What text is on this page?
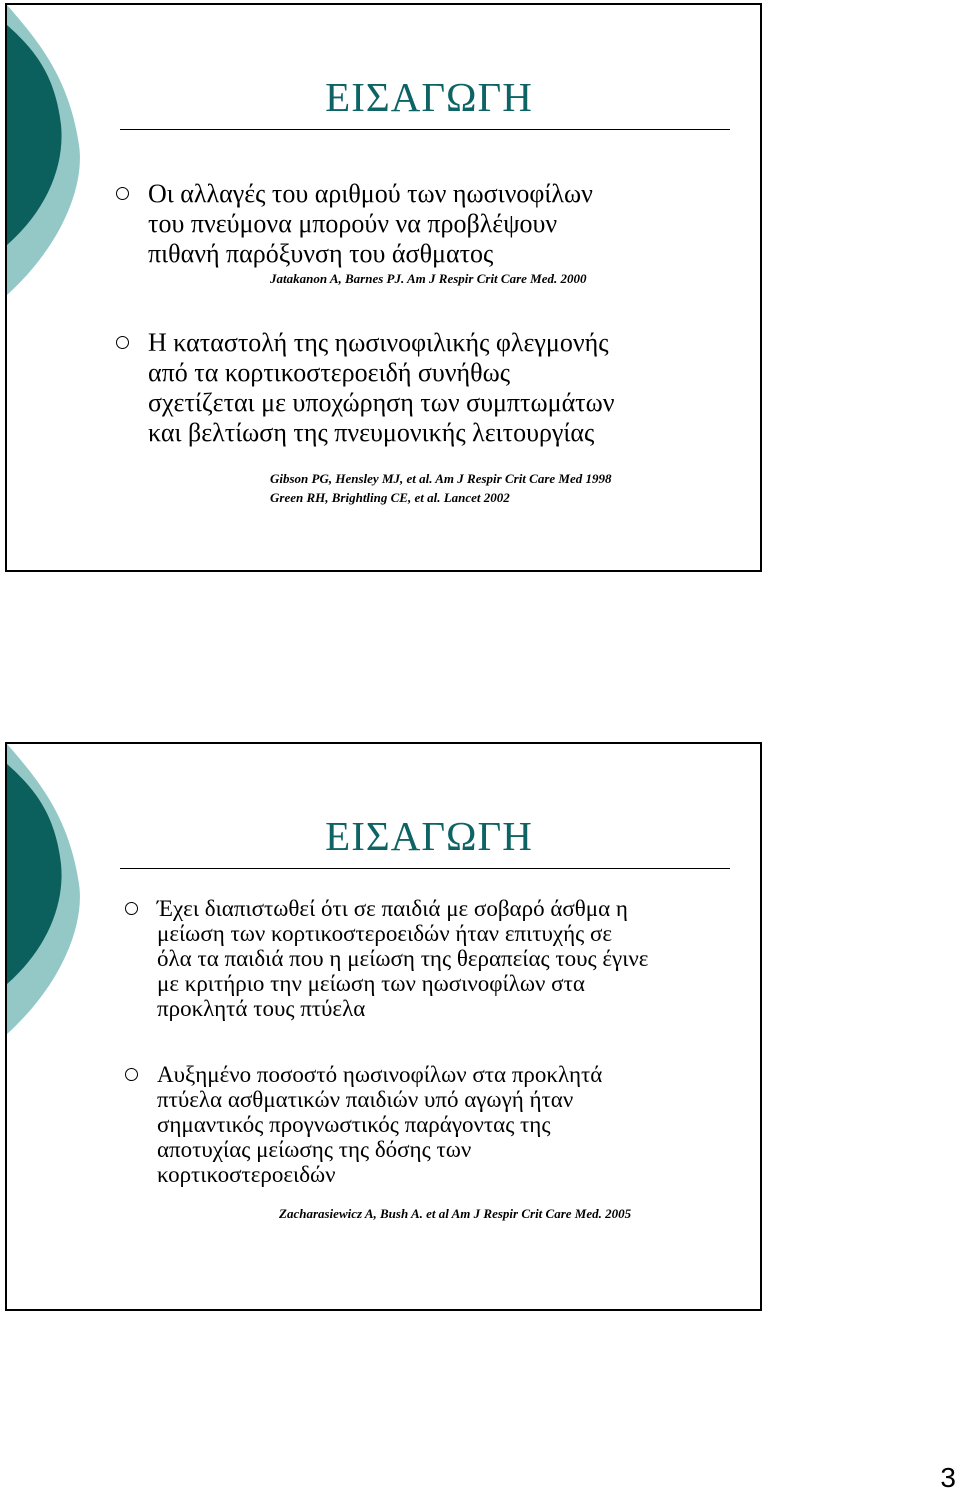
ΕΙΣΑΓΩΓΗ
Οι αλλαγές του αριθμού των ηωσινοφίλων
του πνεύμονα μπορούν να προβλέψουν
πιθανή παρόξυνση του άσθματος
Jatakanon A, Barnes PJ. Am J Respir Crit Care Med. 2000
Η καταστολή της ηωσινοφιλικής φλεγμονής
από τα κορτικοστεροειδή συνήθως
σχετίζεται με υποχώρηση των συμπτωμάτων
και βελτίωση της πνευμονικής λειτουργίας
Gibson PG, Hensley MJ, et al. Am J Respir Crit Care Med 1998
Green RH, Brightling CE, et al. Lancet 2002
ΕΙΣΑΓΩΓΗ
Έχει διαπιστωθεί ότι σε παιδιά με σοβαρό άσθμα η
μείωση των κορτικοστεροειδών ήταν επιτυχής σε
όλα τα παιδιά που η μείωση της θεραπείας τους έγινε
με κριτήριο την μείωση των ηωσινοφίλων στα
προκλητά τους πτύελα
Αυξημένο ποσοστό ηωσινοφίλων στα προκλητά
πτύελα ασθματικών παιδιών υπό αγωγή ήταν
σημαντικός προγνωστικός παράγοντας της
αποτυχίας μείωσης της δόσης των
κορτικοστεροειδών
Zacharasiewicz A, Bush A. et al Am J Respir Crit Care Med. 2005
3
